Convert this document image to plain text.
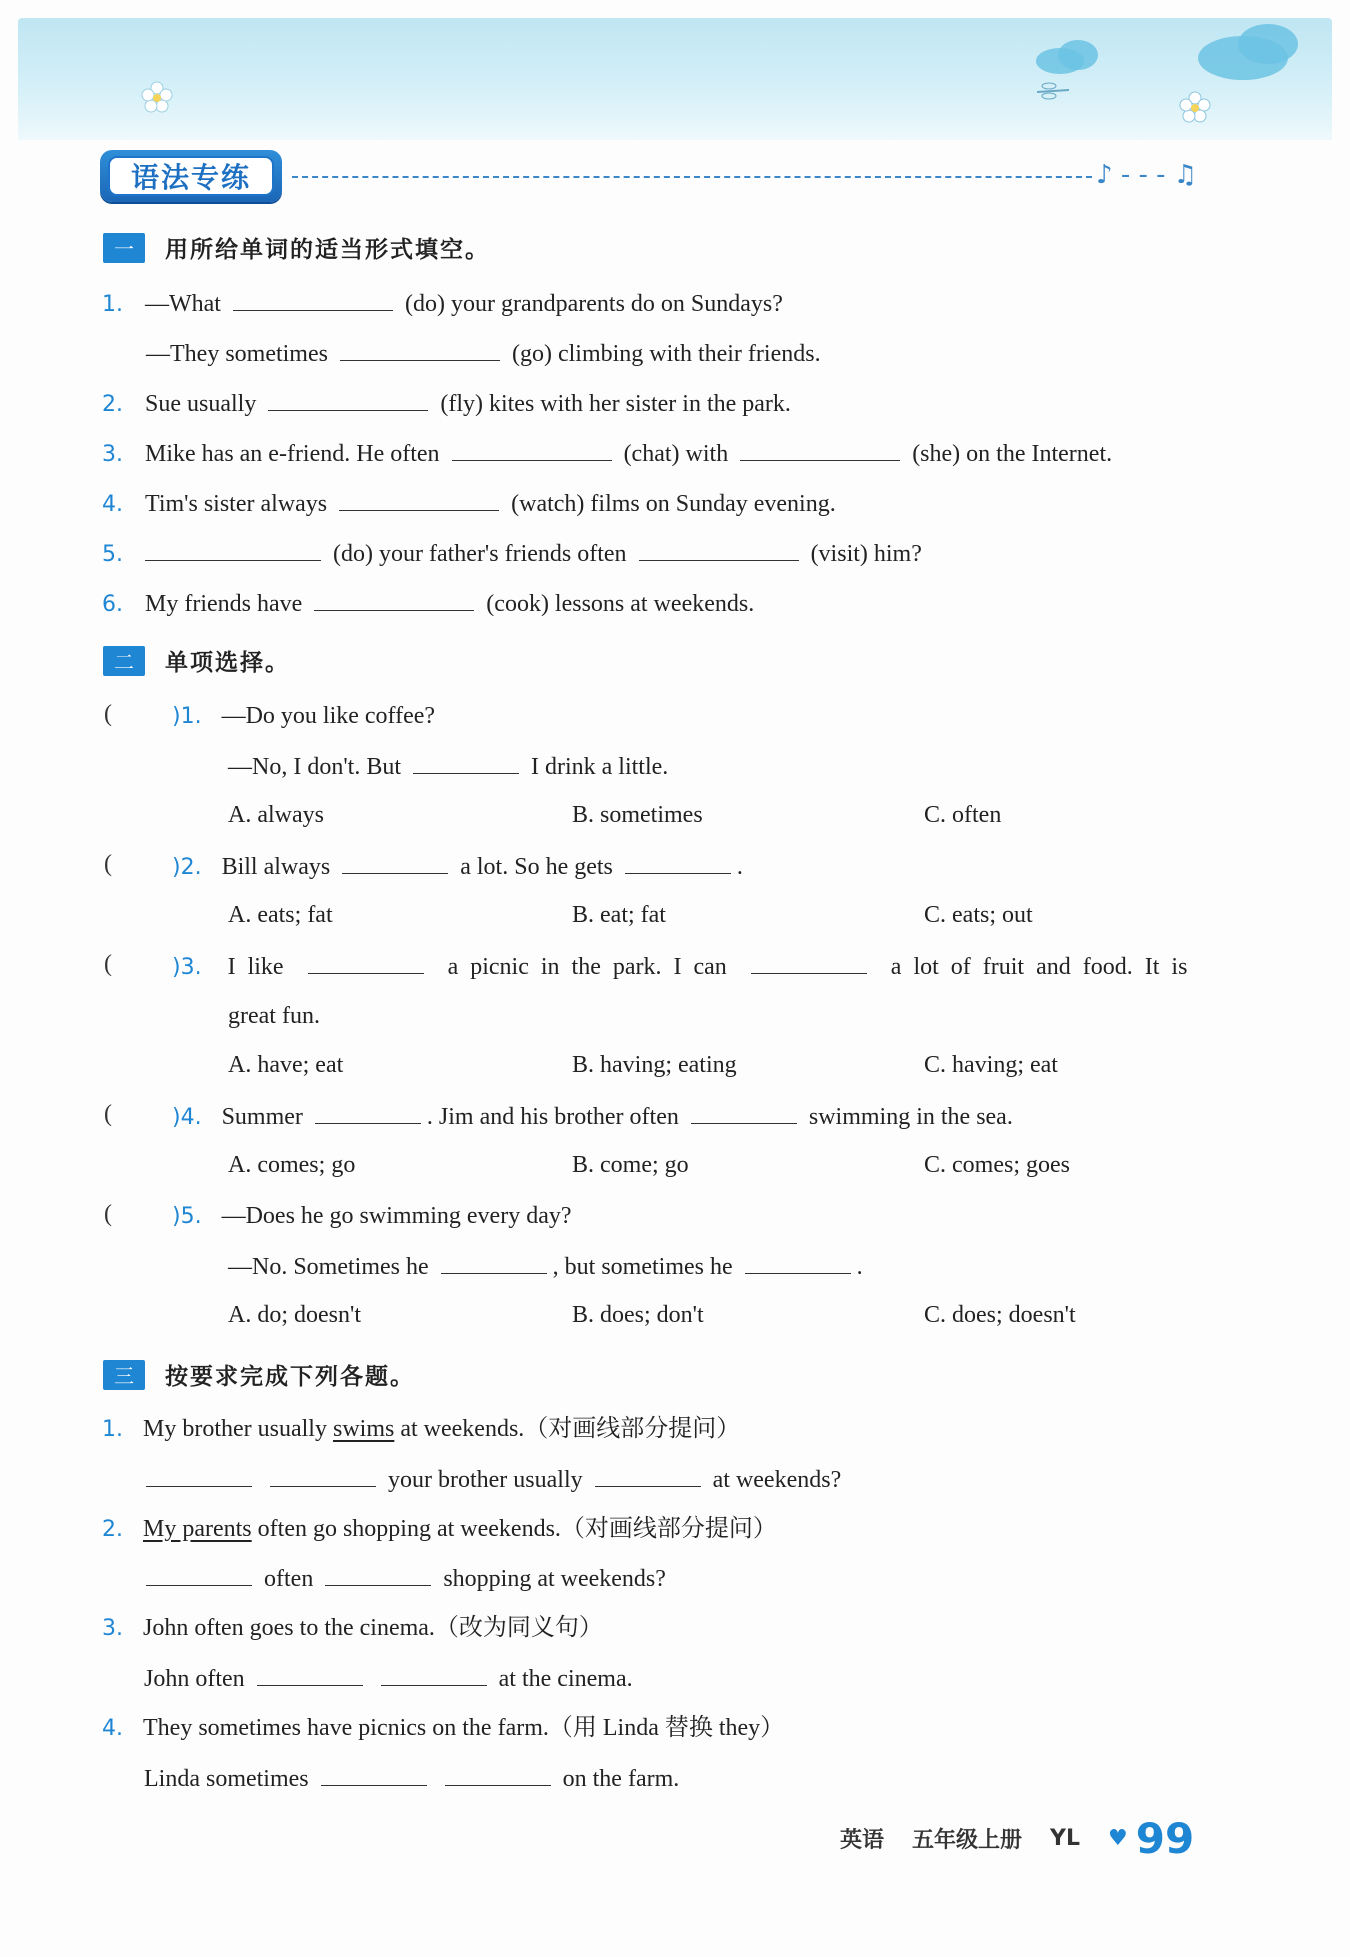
语法专练	♪ - - - ♫
一	用所给单词的适当形式填空。
1. —What	(do) your grandparents do on Sundays?
—They sometimes	(go) climbing with their friends.
2. Sue usually	(fly) kites with her sister in the park.
3. Mike has an e-friend. He often	(chat) with	(she) on the Internet.
4. Tim's sister always	(watch) films on Sunday evening.
5.	(do) your father's friends often	(visit) him?
6. My friends have	(cook) lessons at weekends.
二	单项选择。
(	)1. —Do you like coffee?
—No, I don't. But	I drink a little.
A. always	B. sometimes	C. often
(	)2. Bill always	a lot. So he gets	.
A. eats; fat	B. eat; fat	C. eats; out
(	)3. I like	a picnic in the park. I can	a lot of fruit and food. It is
great fun.
A. have; eat	B. having; eating	C. having; eat
(	)4. Summer	. Jim and his brother often	swimming in the sea.
A. comes; go	B. come; go	C. comes; goes
(	)5. —Does he go swimming every day?
—No. Sometimes he	, but sometimes he	.
A. do; doesn't	B. does; don't	C. does; doesn't
三	按要求完成下列各题。
1. My brother usually swims at weekends.（对画线部分提问）
your brother usually	at weekends?
2. My parents often go shopping at weekends.（对画线部分提问）
often	shopping at weekends?
3. John often goes to the cinema.（改为同义句）
John often	at the cinema.
4. They sometimes have picnics on the farm.（用 Linda 替换 they）
Linda sometimes	on the farm.
英语 五年级上册 YL ♥ 99
